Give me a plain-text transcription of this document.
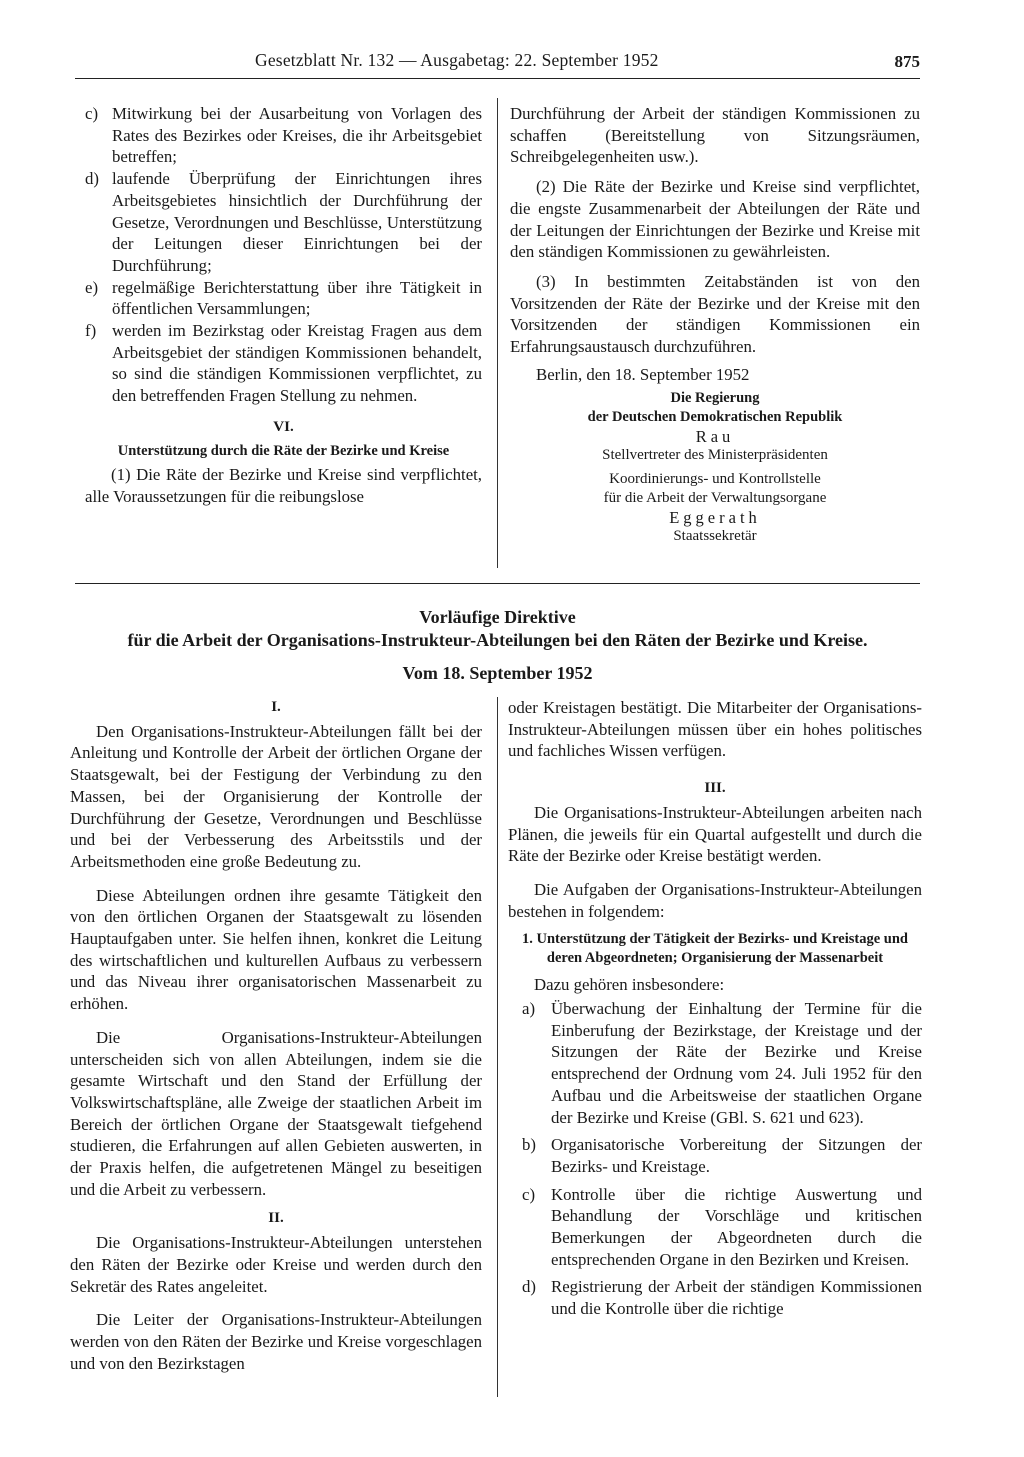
Gesetzblatt Nr. 132 — Ausgabetag: 22. September 1952	875
c) Mitwirkung bei der Ausarbeitung von Vorlagen des Rates des Bezirkes oder Kreises, die ihr Arbeitsgebiet betreffen;
d) laufende Überprüfung der Einrichtungen ihres Arbeitsgebietes hinsichtlich der Durchführung der Gesetze, Verordnungen und Beschlüsse, Unterstützung der Leitungen dieser Einrichtungen bei der Durchführung;
e) regelmäßige Berichterstattung über ihre Tätigkeit in öffentlichen Versammlungen;
f) werden im Bezirkstag oder Kreistag Fragen aus dem Arbeitsgebiet der ständigen Kommissionen behandelt, so sind die ständigen Kommissionen verpflichtet, zu den betreffenden Fragen Stellung zu nehmen.

VI.

Unterstützung durch die Räte der Bezirke und Kreise

(1) Die Räte der Bezirke und Kreise sind verpflichtet, alle Voraussetzungen für die reibungslose

Durchführung der Arbeit der ständigen Kommissionen zu schaffen (Bereitstellung von Sitzungsräumen, Schreibgelegenheiten usw.).

(2) Die Räte der Bezirke und Kreise sind verpflichtet, die engste Zusammenarbeit der Abteilungen der Räte und der Leitungen der Einrichtungen der Bezirke und Kreise mit den ständigen Kommissionen zu gewährleisten.

(3) In bestimmten Zeitabständen ist von den Vorsitzenden der Räte der Bezirke und der Kreise mit den Vorsitzenden der ständigen Kommissionen ein Erfahrungsaustausch durchzuführen.

Berlin, den 18. September 1952

Die Regierung
der Deutschen Demokratischen Republik
Rau
Stellvertreter des Ministerpräsidenten
Koordinierungs- und Kontrollstelle
für die Arbeit der Verwaltungsorgane
Eggerath
Staatssekretär
Vorläufige Direktive
für die Arbeit der Organisations-Instrukteur-Abteilungen bei den Räten der Bezirke und Kreise.
Vom 18. September 1952

I.

Den Organisations-Instrukteur-Abteilungen fällt bei der Anleitung und Kontrolle der Arbeit der örtlichen Organe der Staatsgewalt, bei der Festigung der Verbindung zu den Massen, bei der Organisierung der Kontrolle der Durchführung der Gesetze, Verordnungen und Beschlüsse und bei der Verbesserung des Arbeitsstils und der Arbeitsmethoden eine große Bedeutung zu.

Diese Abteilungen ordnen ihre gesamte Tätigkeit den von den örtlichen Organen der Staatsgewalt zu lösenden Hauptaufgaben unter. Sie helfen ihnen, konkret die Leitung des wirtschaftlichen und kulturellen Aufbaus zu verbessern und das Niveau ihrer organisatorischen Massenarbeit zu erhöhen.

Die Organisations-Instrukteur-Abteilungen unterscheiden sich von allen Abteilungen, indem sie die gesamte Wirtschaft und den Stand der Erfüllung der Volkswirtschaftspläne, alle Zweige der staatlichen Arbeit im Bereich der örtlichen Organe der Staatsgewalt tiefgehend studieren, die Erfahrungen auf allen Gebieten auswerten, in der Praxis helfen, die aufgetretenen Mängel zu beseitigen und die Arbeit zu verbessern.

II.

Die Organisations-Instrukteur-Abteilungen unterstehen den Räten der Bezirke oder Kreise und werden durch den Sekretär des Rates angeleitet.

Die Leiter der Organisations-Instrukteur-Abteilungen werden von den Räten der Bezirke und Kreise vorgeschlagen und von den Bezirkstagen

oder Kreistagen bestätigt. Die Mitarbeiter der Organisations-Instrukteur-Abteilungen müssen über ein hohes politisches und fachliches Wissen verfügen.

III.

Die Organisations-Instrukteur-Abteilungen arbeiten nach Plänen, die jeweils für ein Quartal aufgestellt und durch die Räte der Bezirke oder Kreise bestätigt werden.

Die Aufgaben der Organisations-Instrukteur-Abteilungen bestehen in folgendem:

1. Unterstützung der Tätigkeit der Bezirks- und Kreistage und deren Abgeordneten; Organisierung der Massenarbeit

Dazu gehören insbesondere:

a) Überwachung der Einhaltung der Termine für die Einberufung der Bezirkstage, der Kreistage und der Sitzungen der Räte der Bezirke und Kreise entsprechend der Ordnung vom 24. Juli 1952 für den Aufbau und die Arbeitsweise der staatlichen Organe der Bezirke und Kreise (GBl. S. 621 und 623).
b) Organisatorische Vorbereitung der Sitzungen der Bezirks- und Kreistage.
c) Kontrolle über die richtige Auswertung und Behandlung der Vorschläge und kritischen Bemerkungen der Abgeordneten durch die entsprechenden Organe in den Bezirken und Kreisen.
d) Registrierung der Arbeit der ständigen Kommissionen und die Kontrolle über die richtige
